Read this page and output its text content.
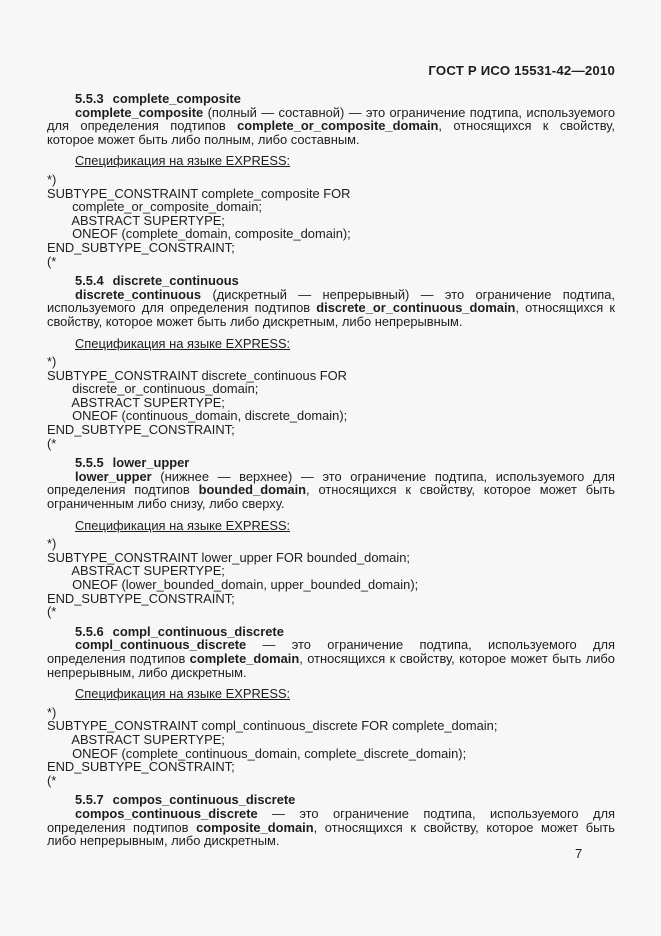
ГОСТ Р ИСО 15531-42—2010
5.5.3 complete_composite
complete_composite (полный — составной) — это ограничение подтипа, используемого для определения подтипов complete_or_composite_domain, относящихся к свойству, которое может быть либо полным, либо составным.
Спецификация на языке EXPRESS:
*)
SUBTYPE_CONSTRAINT complete_composite FOR
complete_or_composite_domain;
ABSTRACT SUPERTYPE;
ONEOF (complete_domain, composite_domain);
END_SUBTYPE_CONSTRAINT;
(*
5.5.4 discrete_continuous
discrete_continuous (дискретный — непрерывный) — это ограничение подтипа, используемого для определения подтипов discrete_or_continuous_domain, относящихся к свойству, которое может быть либо дискретным, либо непрерывным.
Спецификация на языке EXPRESS:
*)
SUBTYPE_CONSTRAINT discrete_continuous FOR
discrete_or_continuous_domain;
ABSTRACT SUPERTYPE;
ONEOF (continuous_domain, discrete_domain);
END_SUBTYPE_CONSTRAINT;
(*
5.5.5 lower_upper
lower_upper (нижнее — верхнее) — это ограничение подтипа, используемого для определения подтипов bounded_domain, относящихся к свойству, которое может быть ограниченным либо снизу, либо сверху.
Спецификация на языке EXPRESS:
*)
SUBTYPE_CONSTRAINT lower_upper FOR bounded_domain;
ABSTRACT SUPERTYPE;
ONEOF (lower_bounded_domain, upper_bounded_domain);
END_SUBTYPE_CONSTRAINT;
(*
5.5.6 compl_continuous_discrete
compl_continuous_discrete — это ограничение подтипа, используемого для определения подтипов complete_domain, относящихся к свойству, которое может быть либо непрерывным, либо дискретным.
Спецификация на языке EXPRESS:
*)
SUBTYPE_CONSTRAINT compl_continuous_discrete FOR complete_domain;
ABSTRACT SUPERTYPE;
ONEOF (complete_continuous_domain, complete_discrete_domain);
END_SUBTYPE_CONSTRAINT;
(*
5.5.7 compos_continuous_discrete
compos_continuous_discrete — это ограничение подтипа, используемого для определения подтипов composite_domain, относящихся к свойству, которое может быть либо непрерывным, либо дискретным.
7
